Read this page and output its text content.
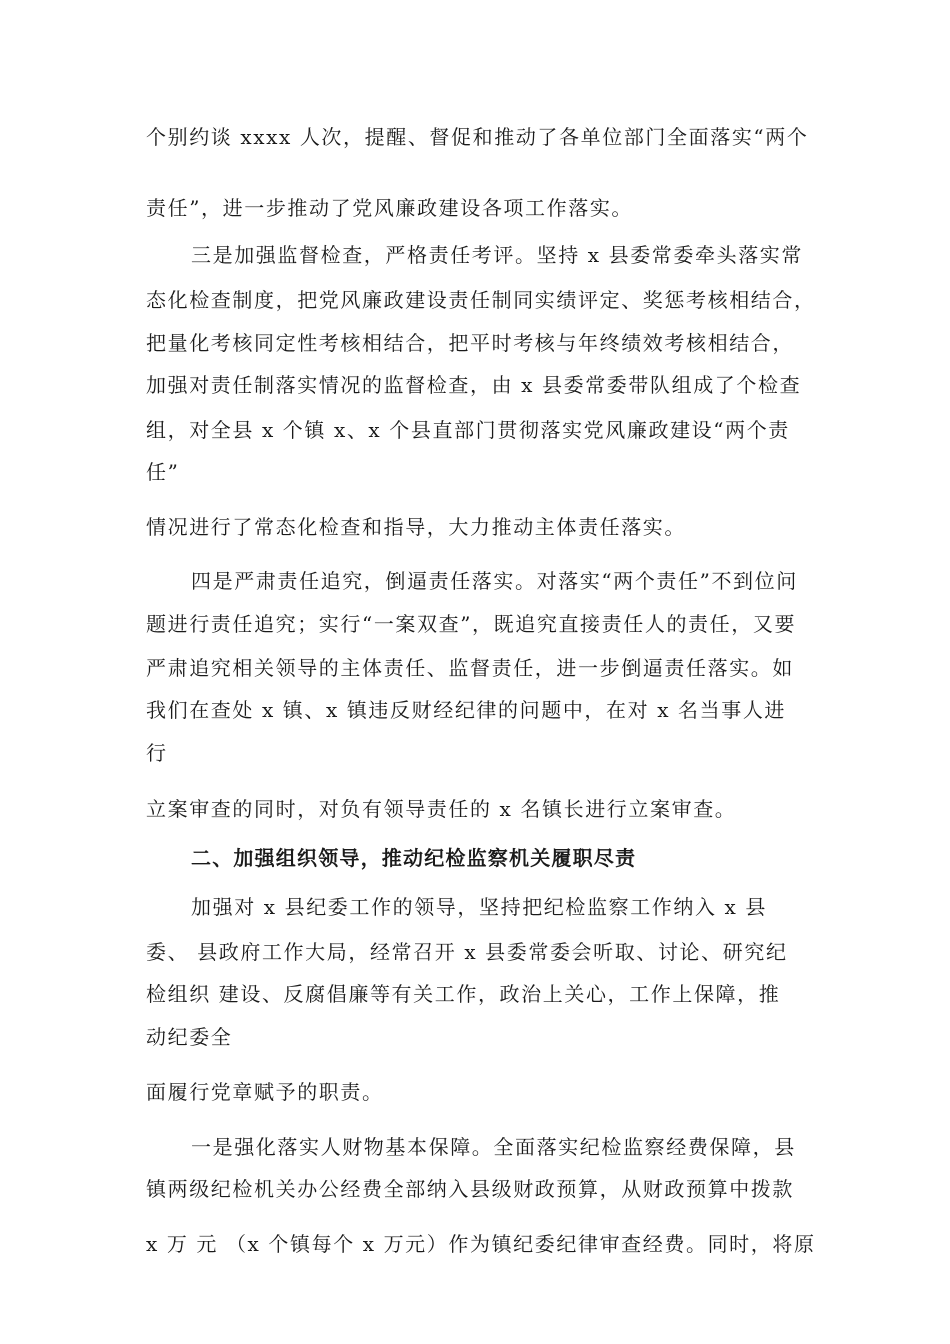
个别约谈 xxxx 人次，提醒、督促和推动了各单位部门全面落实“两个
责任”，进一步推动了党风廉政建设各项工作落实。
三是加强监督检查，严格责任考评。坚持 x 县委常委牵头落实常
态化检查制度，把党风廉政建设责任制同实绩评定、奖惩考核相结合，
把量化考核同定性考核相结合，把平时考核与年终绩效考核相结合，
加强对责任制落实情况的监督检查，由 x 县委常委带队组成了个检查
组，对全县 x 个镇 x、x 个县直部门贯彻落实党风廉政建设“两个责
任”
情况进行了常态化检查和指导，大力推动主体责任落实。
四是严肃责任追究，倒逼责任落实。对落实“两个责任”不到位问
题进行责任追究；实行“一案双查”，既追究直接责任人的责任，又要
严肃追究相关领导的主体责任、监督责任，进一步倒逼责任落实。如
我们在查处 x 镇、x 镇违反财经纪律的问题中，在对 x 名当事人进
行
立案审查的同时，对负有领导责任的 x 名镇长进行立案审查。
二、加强组织领导，推动纪检监察机关履职尽责
加强对 x 县纪委工作的领导，坚持把纪检监察工作纳入 x 县
委、 县政府工作大局，经常召开 x 县委常委会听取、讨论、研究纪
检组织 建设、反腐倡廉等有关工作，政治上关心，工作上保障，推
动纪委全
面履行党章赋予的职责。
一是强化落实人财物基本保障。全面落实纪检监察经费保障，县
镇两级纪检机关办公经费全部纳入县级财政预算，从财政预算中拨款
x 万 元 （x 个镇每个 x 万元）作为镇纪委纪律审查经费。同时，将原
